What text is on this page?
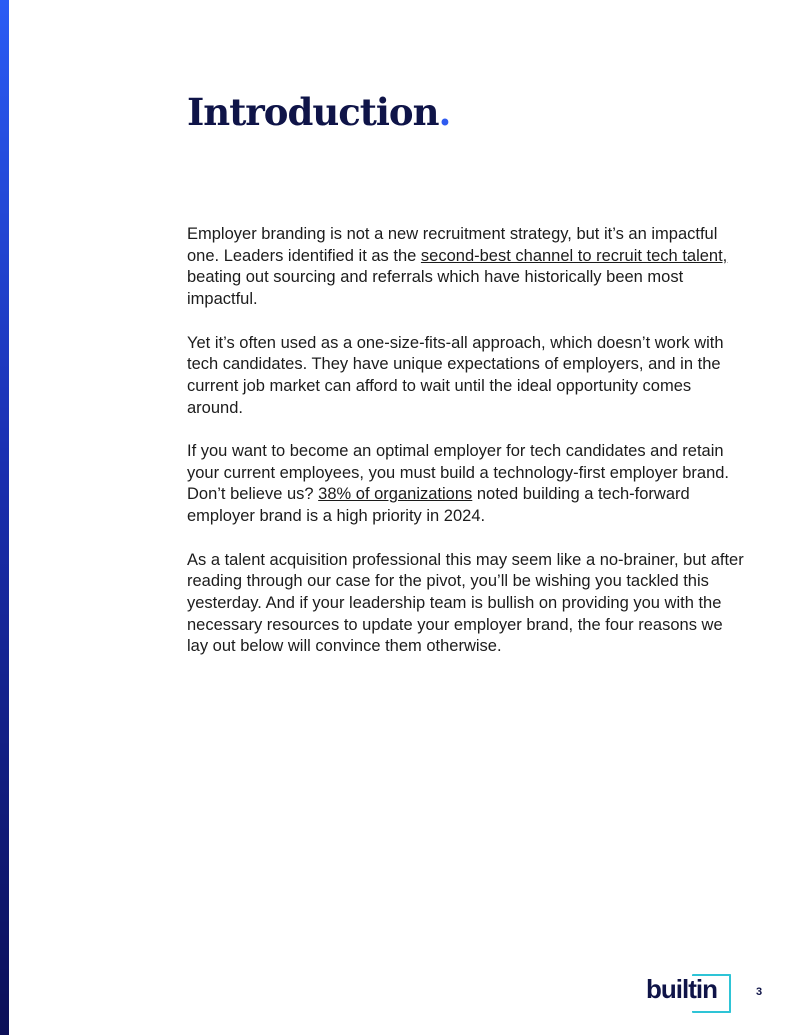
Introduction.

Employer branding is not a new recruitment strategy, but it’s an impactful one. Leaders identified it as the second-best channel to recruit tech talent, beating out sourcing and referrals which have historically been most impactful.

Yet it’s often used as a one-size-fits-all approach, which doesn’t work with tech candidates. They have unique expectations of employers, and in the current job market can afford to wait until the ideal opportunity comes around.

If you want to become an optimal employer for tech candidates and retain your current employees, you must build a technology-first employer brand. Don’t believe us? 38% of organizations noted building a tech-forward employer brand is a high priority in 2024.

As a talent acquisition professional this may seem like a no-brainer, but after reading through our case for the pivot, you’ll be wishing you tackled this yesterday. And if your leadership team is bullish on providing you with the necessary resources to update your employer brand, the four reasons we lay out below will convince them otherwise.

builtin	3
